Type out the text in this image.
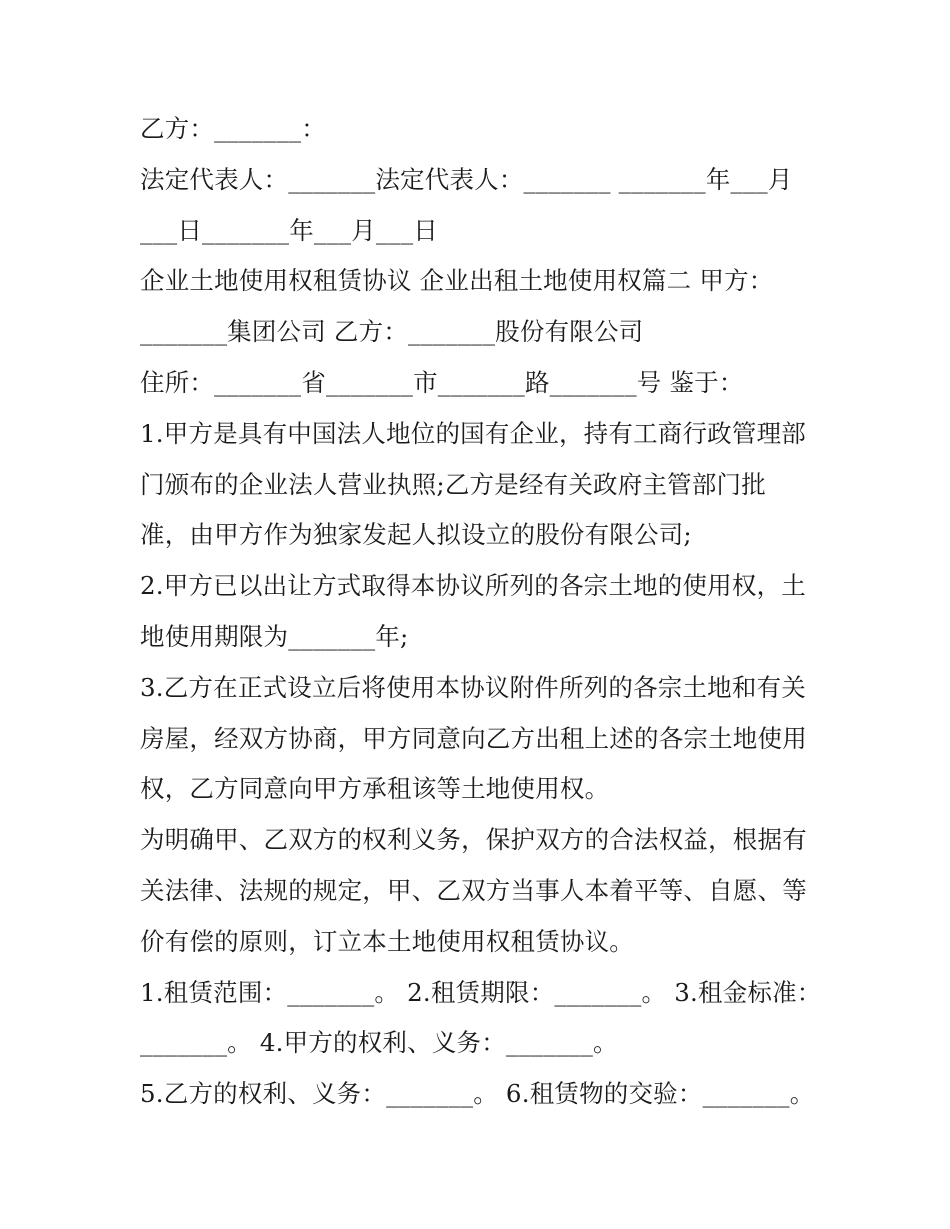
乙方：_______：
法定代表人：_______法定代表人：_______ _______年___月
___日_______年___月___日
企业土地使用权租赁协议 企业出租土地使用权篇二 甲方：
_______集团公司 乙方：_______股份有限公司
住所：_______省_______市_______路_______号 鉴于：
1.甲方是具有中国法人地位的国有企业，持有工商行政管理部
门颁布的企业法人营业执照;乙方是经有关政府主管部门批
准，由甲方作为独家发起人拟设立的股份有限公司;
2.甲方已以出让方式取得本协议所列的各宗土地的使用权，土
地使用期限为_______年;
3.乙方在正式设立后将使用本协议附件所列的各宗土地和有关
房屋，经双方协商，甲方同意向乙方出租上述的各宗土地使用
权，乙方同意向甲方承租该等土地使用权。
为明确甲、乙双方的权利义务，保护双方的合法权益，根据有
关法律、法规的规定，甲、乙双方当事人本着平等、自愿、等
价有偿的原则，订立本土地使用权租赁协议。
1.租赁范围：_______。 2.租赁期限：_______。 3.租金标准：
_______。 4.甲方的权利、义务：_______。
5.乙方的权利、义务：_______。 6.租赁物的交验：_______。
